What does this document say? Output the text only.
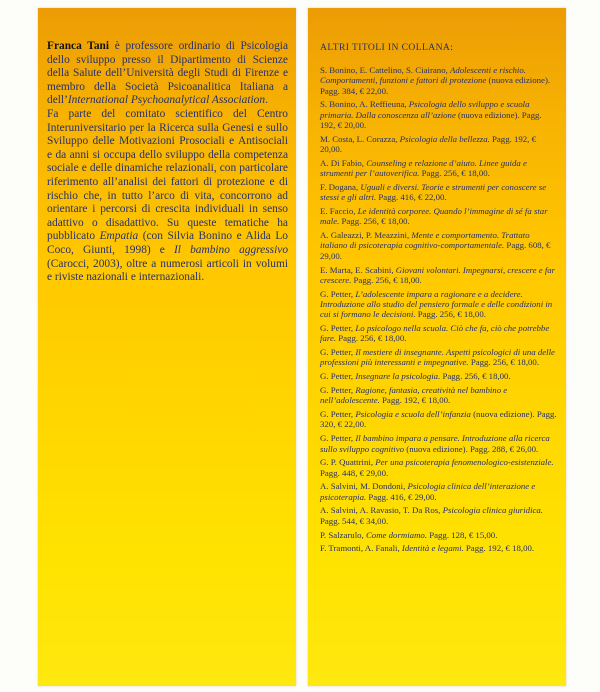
Franca Tani è professore ordinario di Psicologia dello sviluppo presso il Dipartimento di Scienze della Salute dell’Università degli Studi di Firenze e membro della Società Psicoanalitica Italiana a dell’International Psychoanalytical Association.

Fa parte del comitato scientifico del Centro Interuniversitario per la Ricerca sulla Genesi e sullo Sviluppo delle Motivazioni Prosociali e Antisociali e da anni si occupa dello sviluppo della competenza sociale e delle dinamiche relazionali, con particolare riferimento all’analisi dei fattori di protezione e di rischio che, in tutto l’arco di vita, concorrono ad orientare i percorsi di crescita individuali in senso adattivo o disadattivo. Su queste tematiche ha pubblicato Empatia (con Silvia Bonino e Alida Lo Coco, Giunti, 1998) e Il bambino aggressivo (Carocci, 2003), oltre a numerosi articoli in volumi e riviste nazionali e internazionali.

ALTRI TITOLI IN COLLANA:

S. Bonino, E. Cattelino, S. Ciairano, Adolescenti e rischio. Comportamenti, funzioni e fattori di protezione (nuova edizione). Pagg. 384, € 22,00.
S. Bonino, A. Reffieuna, Psicologia dello sviluppo e scuola primaria. Dalla conoscenza all’azione (nuova edizione). Pagg. 192, € 20,00.
M. Costa, L. Corazza, Psicologia della bellezza. Pagg. 192, € 20,00.
A. Di Fabio, Counseling e relazione d’aiuto. Linee guida e strumenti per l’autoverifica. Pagg. 256, € 18,00.
F. Dogana, Uguali e diversi. Teorie e strumenti per conoscere se stessi e gli altri. Pagg. 416, € 22,00.
E. Faccio, Le identità corporee. Quando l’immagine di sé fa star male. Pagg. 256, € 18,00.
A. Galeazzi, P. Meazzini, Mente e comportamento. Trattato italiano di psicoterapia cognitivo-comportamentale. Pagg. 608, € 29,00.
E. Marta, E. Scabini, Giovani volontari. Impegnarsi, crescere e far crescere. Pagg. 256, € 18,00.
G. Petter, L’adolescente impara a ragionare e a decidere. Introduzione allo studio del pensiero formale e delle condizioni in cui si formano le decisioni. Pagg. 256, € 18,00.
G. Petter, Lo psicologo nella scuola. Ciò che fa, ciò che potrebbe fare. Pagg. 256, € 18,00.
G. Petter, Il mestiere di insegnante. Aspetti psicologici di una delle professioni più interessanti e impegnative. Pagg. 256, € 18,00.
G. Petter, Insegnare la psicologia. Pagg. 256, € 18,00.
G. Petter, Ragione, fantasia, creatività nel bambino e nell’adolescente. Pagg. 192, € 18,00.
G. Petter, Psicologia e scuola dell’infanzia (nuova edizione). Pagg. 320, € 22,00.
G. Petter, Il bambino impara a pensare. Introduzione alla ricerca sullo sviluppo cognitivo (nuova edizione). Pagg. 288, € 26,00.
G. P. Quattrini, Per una psicoterapia fenomenologico-esistenziale. Pagg. 448, € 29,00.
A. Salvini, M. Dondoni, Psicologia clinica dell’interazione e psicoterapia. Pagg. 416, € 29,00.
A. Salvini, A. Ravasio, T. Da Ros, Psicologia clinica giuridica. Pagg. 544, € 34,00.
P. Salzarulo, Come dormiamo. Pagg. 128, € 15,00.
F. Tramonti, A. Fanali, Identità e legami. Pagg. 192, € 18,00.
